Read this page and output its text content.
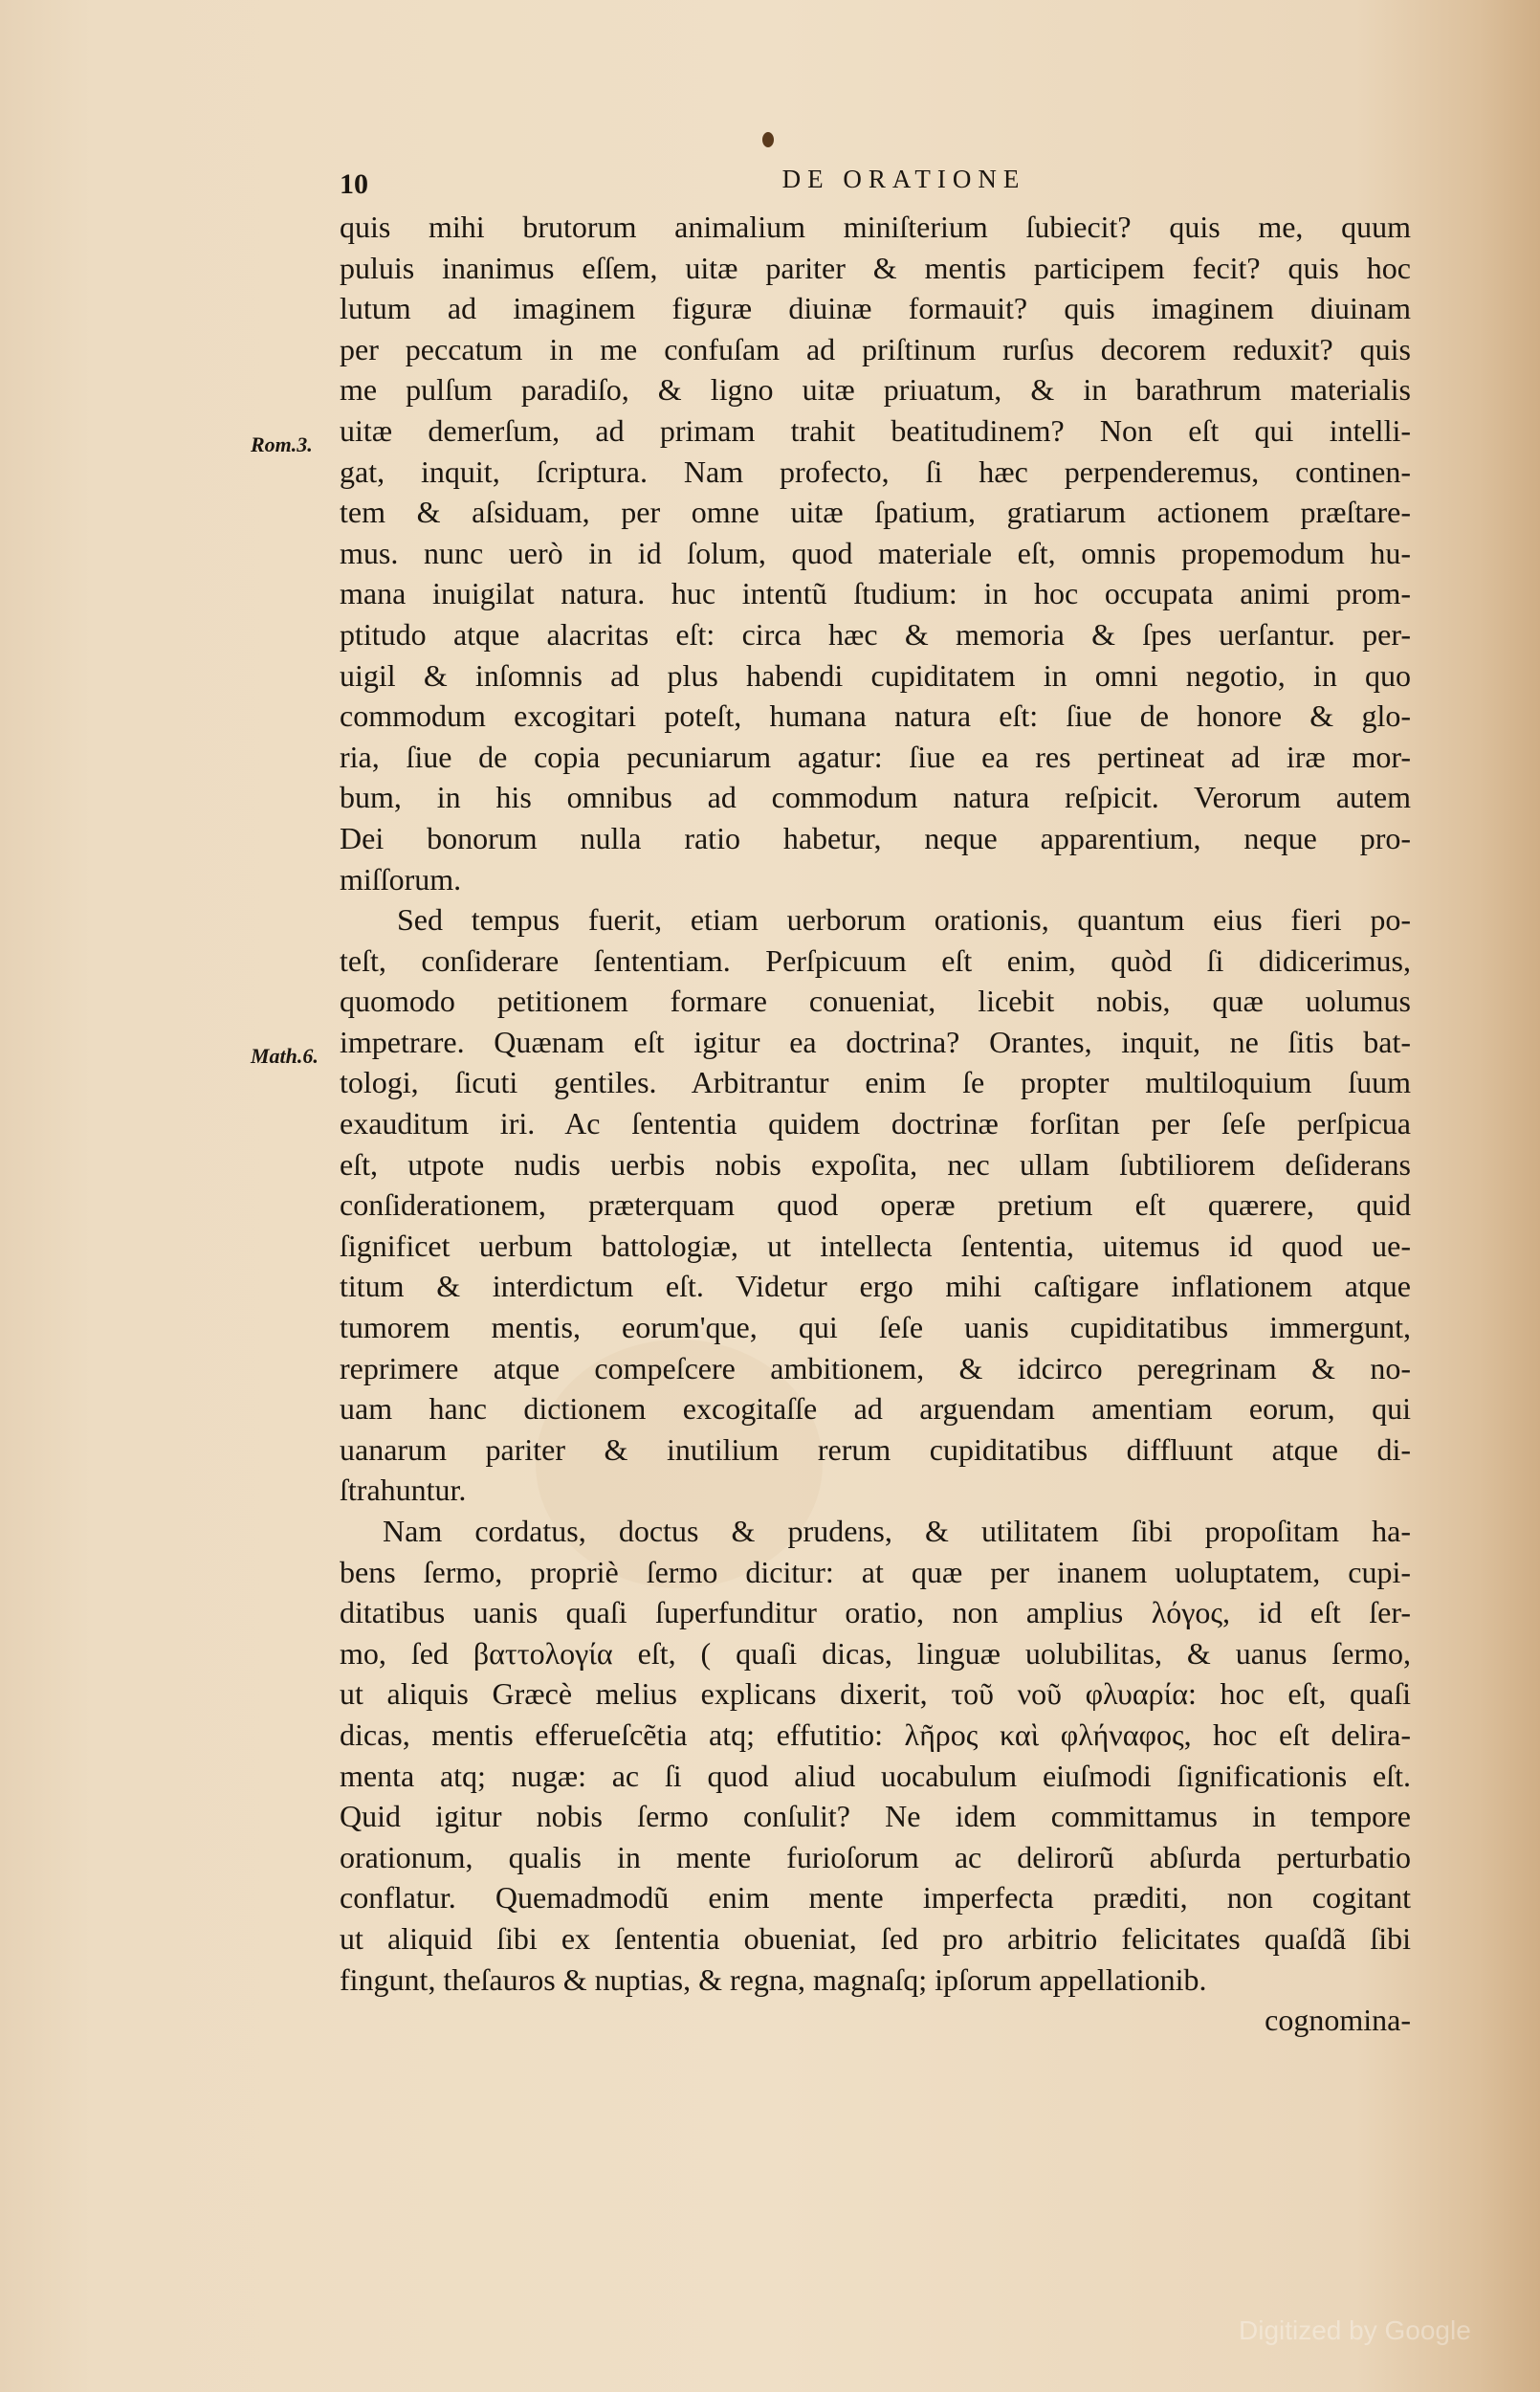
10	DE ORATIONE
Rom.3.
Math.6.
quis mihi brutorum animalium miniſterium ſubiecit? quis me, quum
puluis inanimus eſſem, uitæ pariter & mentis participem fecit? quis hoc
lutum ad imaginem figuræ diuinæ formauit? quis imaginem diuinam
per peccatum in me confuſam ad priſtinum rurſus decorem reduxit? quis
me pulſum paradiſo, & ligno uitæ priuatum, & in barathrum materialis
uitæ demerſum, ad primam trahit beatitudinem? Non eſt qui intelli-
gat, inquit, ſcriptura. Nam profecto, ſi hæc perpenderemus, continen-
tem & aſsiduam, per omne uitæ ſpatium, gratiarum actionem præſtare-
mus. nunc uerò in id ſolum, quod materiale eſt, omnis propemodum hu-
mana inuigilat natura. huc intentũ ſtudium: in hoc occupata animi prom-
ptitudo atque alacritas eſt: circa hæc & memoria & ſpes uerſantur. per-
uigil & inſomnis ad plus habendi cupiditatem in omni negotio, in quo
commodum excogitari poteſt, humana natura eſt: ſiue de honore & glo-
ria, ſiue de copia pecuniarum agatur: ſiue ea res pertineat ad iræ mor-
bum, in his omnibus ad commodum natura reſpicit. Verorum autem
Dei bonorum nulla ratio habetur, neque apparentium, neque pro-
miſſorum.
Sed tempus fuerit, etiam uerborum orationis, quantum eius fieri po-
teſt, conſiderare ſententiam. Perſpicuum eſt enim, quòd ſi didicerimus,
quomodo petitionem formare conueniat, licebit nobis, quæ uolumus
impetrare. Quænam eſt igitur ea doctrina? Orantes, inquit, ne ſitis bat-
tologi, ſicuti gentiles. Arbitrantur enim ſe propter multiloquium ſuum
exauditum iri. Ac ſententia quidem doctrinæ forſitan per ſeſe perſpicua
eſt, utpote nudis uerbis nobis expoſita, nec ullam ſubtiliorem deſiderans
conſiderationem, præterquam quod operæ pretium eſt quærere, quid
ſignificet uerbum battologiæ, ut intellecta ſententia, uitemus id quod ue-
titum & interdictum eſt. Videtur ergo mihi caſtigare inflationem atque
tumorem mentis, eorum'que, qui ſeſe uanis cupiditatibus immergunt,
reprimere atque compeſcere ambitionem, & idcirco peregrinam & no-
uam hanc dictionem excogitaſſe ad arguendam amentiam eorum, qui
uanarum pariter & inutilium rerum cupiditatibus diffluunt atque di-
ſtrahuntur.
Nam cordatus, doctus & prudens, & utilitatem ſibi propoſitam ha-
bens ſermo, propriè ſermo dicitur: at quæ per inanem uoluptatem, cupi-
ditatibus uanis quaſi ſuperfunditur oratio, non amplius λόγος, id eſt ſer-
mo, ſed βαττολογία eſt, ( quaſi dicas, linguæ uolubilitas, & uanus ſermo,
ut aliquis Græcè melius explicans dixerit, τοῦ νοῦ φλυαρία: hoc eſt, quaſi
dicas, mentis efferueſcẽtia atq; effutitio: λῆρος καὶ φλήναφος, hoc eſt delira-
menta atq; nugæ: ac ſi quod aliud uocabulum eiuſmodi ſignificationis eſt.
Quid igitur nobis ſermo conſulit? Ne idem committamus in tempore
orationum, qualis in mente furioſorum ac delirorũ abſurda perturbatio
conflatur. Quemadmodũ enim mente imperfecta præditi, non cogitant
ut aliquid ſibi ex ſententia obueniat, ſed pro arbitrio felicitates quaſdã ſibi
fingunt, theſauros & nuptias, & regna, magnaſq; ipſorum appellationib.
cognomina-
Digitized by Google
